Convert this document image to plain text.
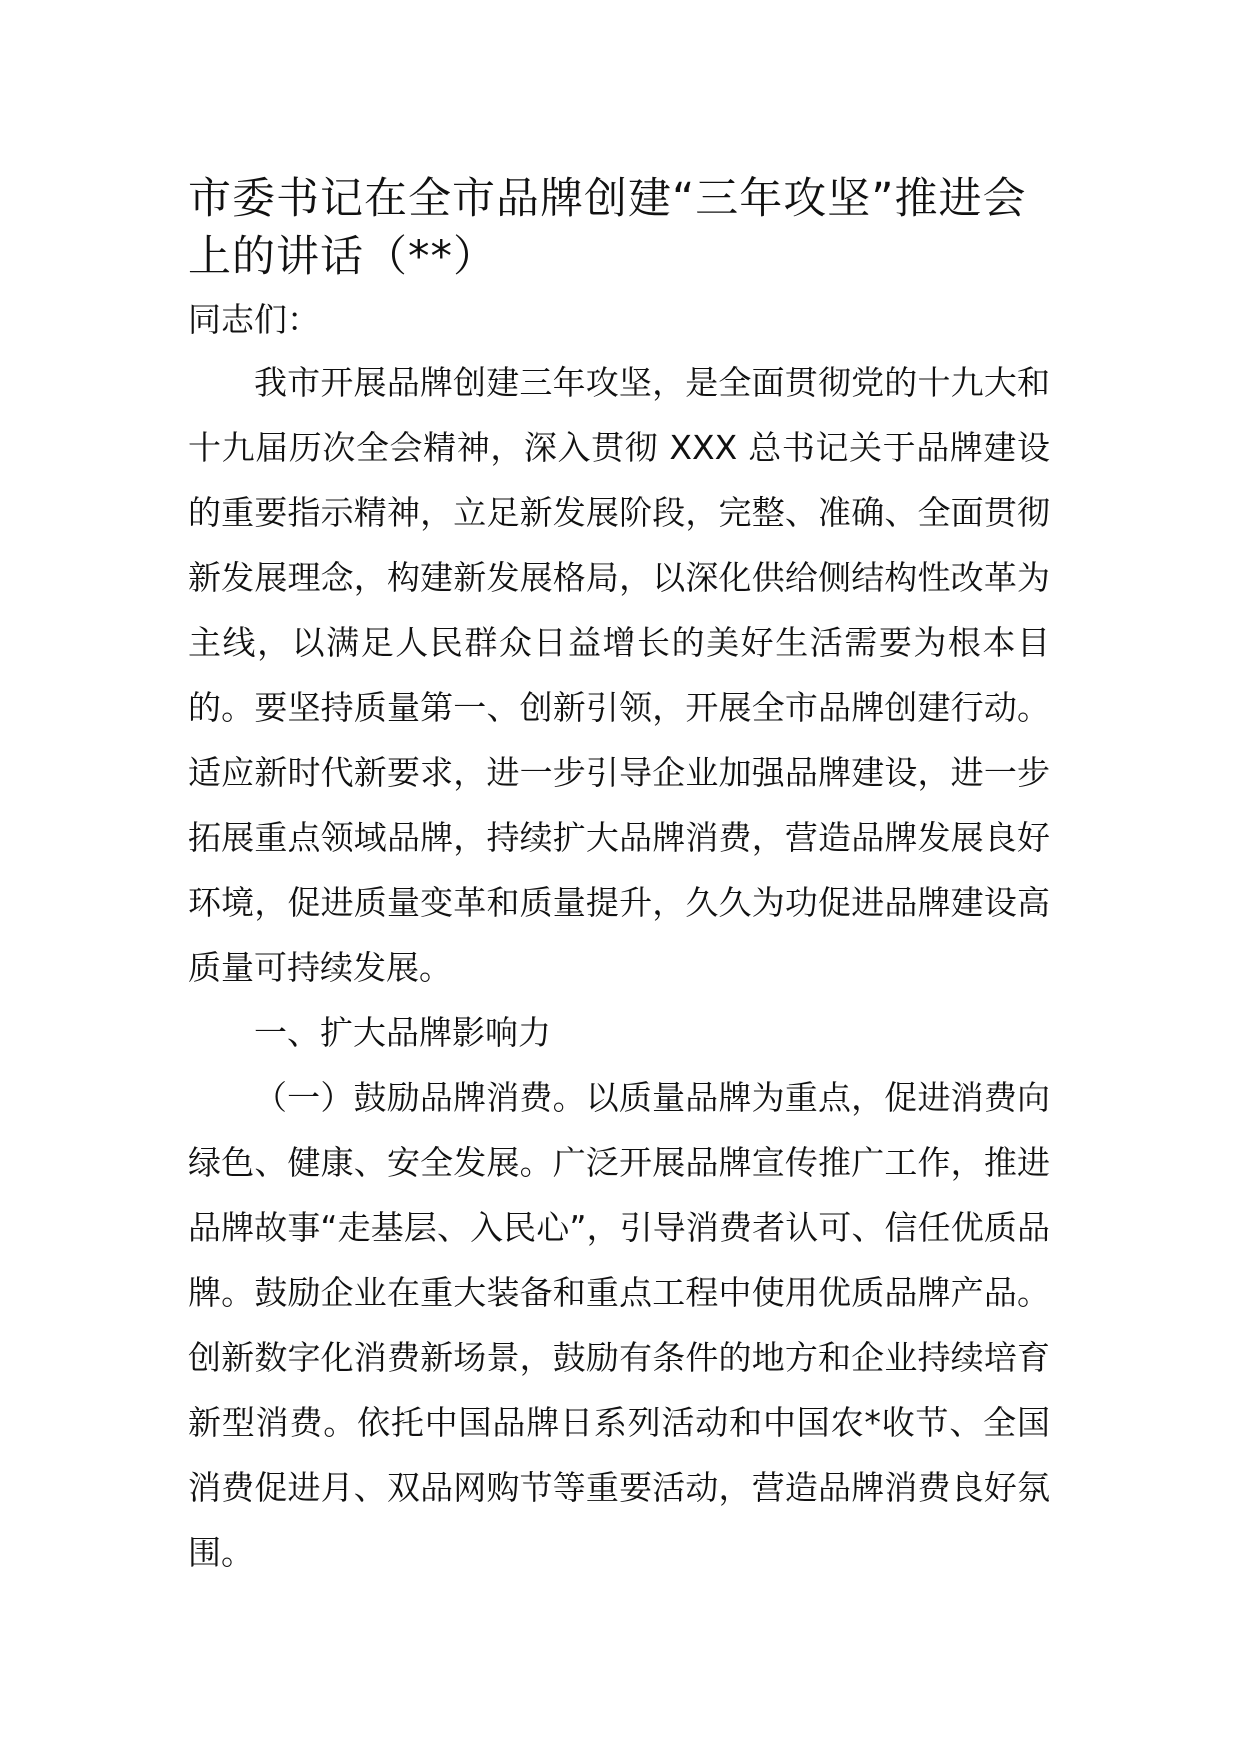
市委书记在全市品牌创建“三年攻坚”推进会上的讲话（**）

同志们：

我市开展品牌创建三年攻坚，是全面贯彻党的十九大和十九届历次全会精神，深入贯彻 XXX 总书记关于品牌建设的重要指示精神，立足新发展阶段，完整、准确、全面贯彻新发展理念，构建新发展格局，以深化供给侧结构性改革为主线，以满足人民群众日益增长的美好生活需要为根本目的。要坚持质量第一、创新引领，开展全市品牌创建行动。适应新时代新要求，进一步引导企业加强品牌建设，进一步拓展重点领域品牌，持续扩大品牌消费，营造品牌发展良好环境，促进质量变革和质量提升，久久为功促进品牌建设高质量可持续发展。

一、扩大品牌影响力

（一）鼓励品牌消费。以质量品牌为重点，促进消费向绿色、健康、安全发展。广泛开展品牌宣传推广工作，推进品牌故事“走基层、入民心”，引导消费者认可、信任优质品牌。鼓励企业在重大装备和重点工程中使用优质品牌产品。创新数字化消费新场景，鼓励有条件的地方和企业持续培育新型消费。依托中国品牌日系列活动和中国农*收节、全国消费促进月、双品网购节等重要活动，营造品牌消费良好氛围。
